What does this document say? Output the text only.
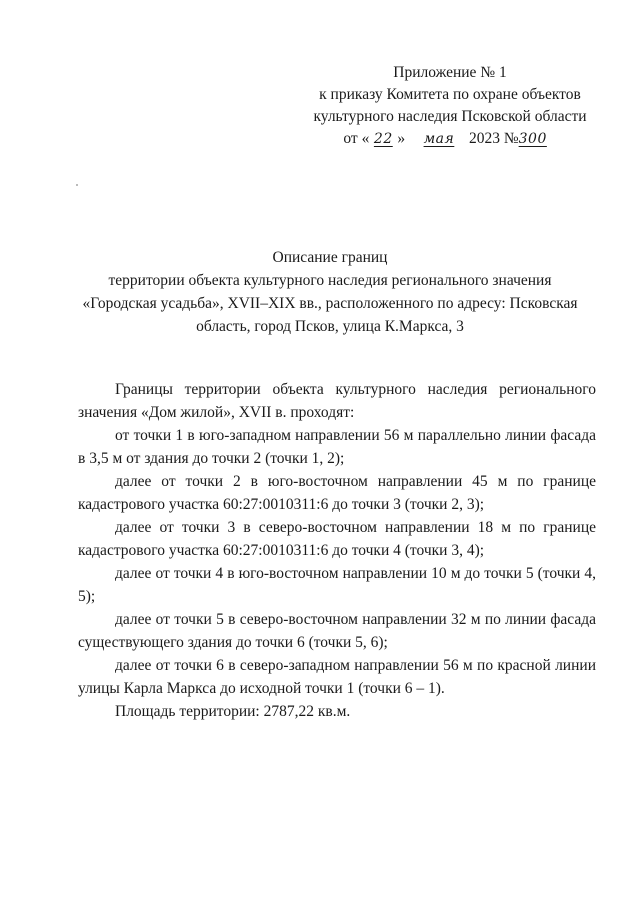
Приложение № 1
к приказу Комитета по охране объектов
культурного наследия Псковской области
от « 22 » мая 2023 №300
Описание границ
территории объекта культурного наследия регионального значения
«Городская усадьба», XVII–XIX вв., расположенного по адресу: Псковская
область, город Псков, улица К.Маркса, 3

Границы территории объекта культурного наследия регионального значения «Дом жилой», XVII в. проходят:

от точки 1 в юго-западном направлении 56 м параллельно линии фасада в 3,5 м от здания до точки 2 (точки 1, 2);

далее от точки 2 в юго-восточном направлении 45 м по границе кадастрового участка 60:27:0010311:6 до точки 3 (точки 2, 3);

далее от точки 3 в северо-восточном направлении 18 м по границе кадастрового участка 60:27:0010311:6 до точки 4 (точки 3, 4);

далее от точки 4 в юго-восточном направлении 10 м до точки 5 (точки 4, 5);

далее от точки 5 в северо-восточном направлении 32 м по линии фасада существующего здания до точки 6 (точки 5, 6);

далее от точки 6 в северо-западном направлении 56 м по красной линии улицы Карла Маркса до исходной точки 1 (точки 6 – 1).

Площадь территории: 2787,22 кв.м.
